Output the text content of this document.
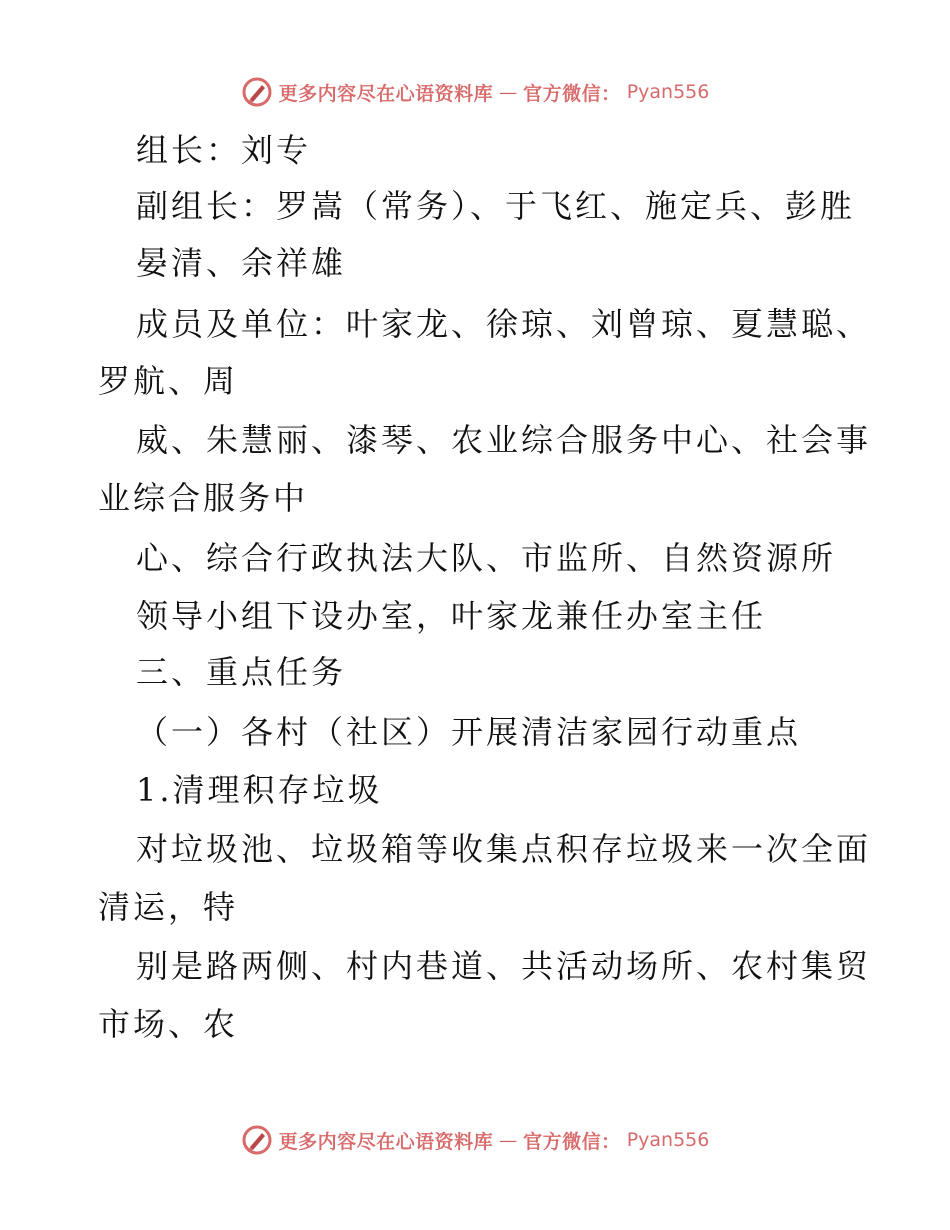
更多内容尽在心语资料库 — 官方微信： Pyan556
组长：刘专
副组长：罗嵩（常务）、于飞红、施定兵、彭胜
晏清、余祥雄
成员及单位：叶家龙、徐琼、刘曾琼、夏慧聪、
罗航、周
威、朱慧丽、漆琴、农业综合服务中心、社会事
业综合服务中
心、综合行政执法大队、市监所、自然资源所
领导小组下设办室，叶家龙兼任办室主任
三、重点任务
（一）各村（社区）开展清洁家园行动重点
1.清理积存垃圾
对垃圾池、垃圾箱等收集点积存垃圾来一次全面
清运，特
别是路两侧、村内巷道、共活动场所、农村集贸
市场、农
更多内容尽在心语资料库 — 官方微信： Pyan556
